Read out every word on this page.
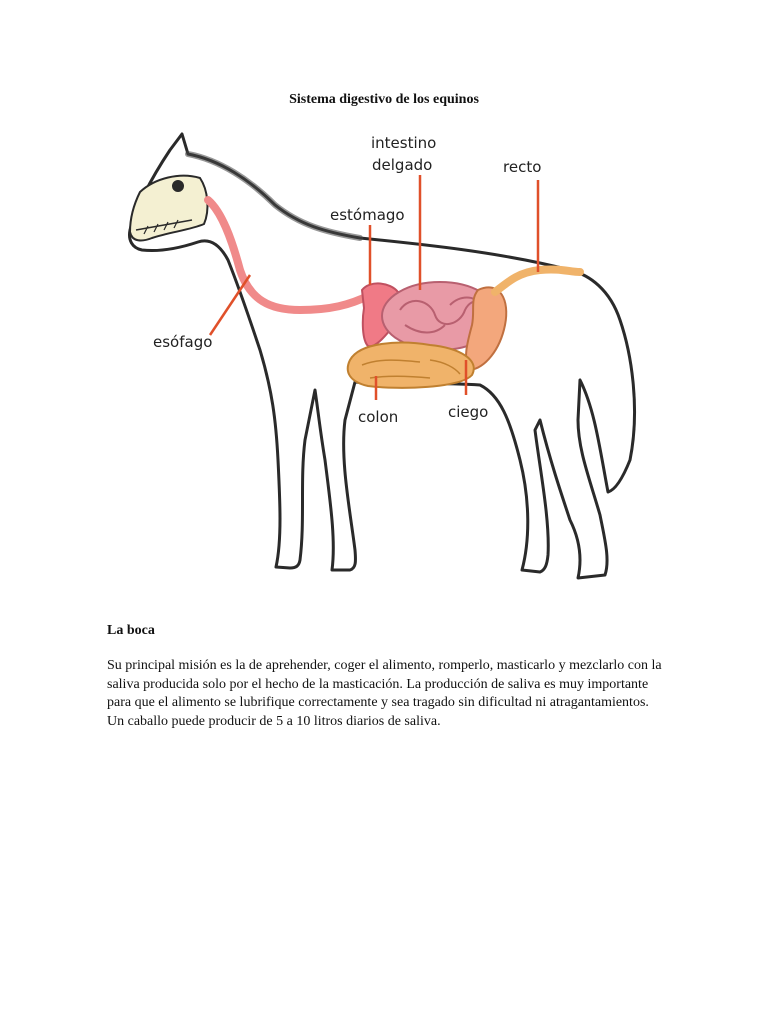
Sistema digestivo de los equinos
intestino
delgado	recto
estómago
esófago
colon	ciego
La boca
Su principal misión es la de aprehender, coger el alimento, romperlo, masticarlo y mezclarlo con la saliva producida solo por el hecho de la masticación. La producción de saliva es muy importante para que el alimento se lubrifique correctamente y sea tragado sin dificultad ni atragantamientos. Un caballo puede producir de 5 a 10 litros diarios de saliva.
